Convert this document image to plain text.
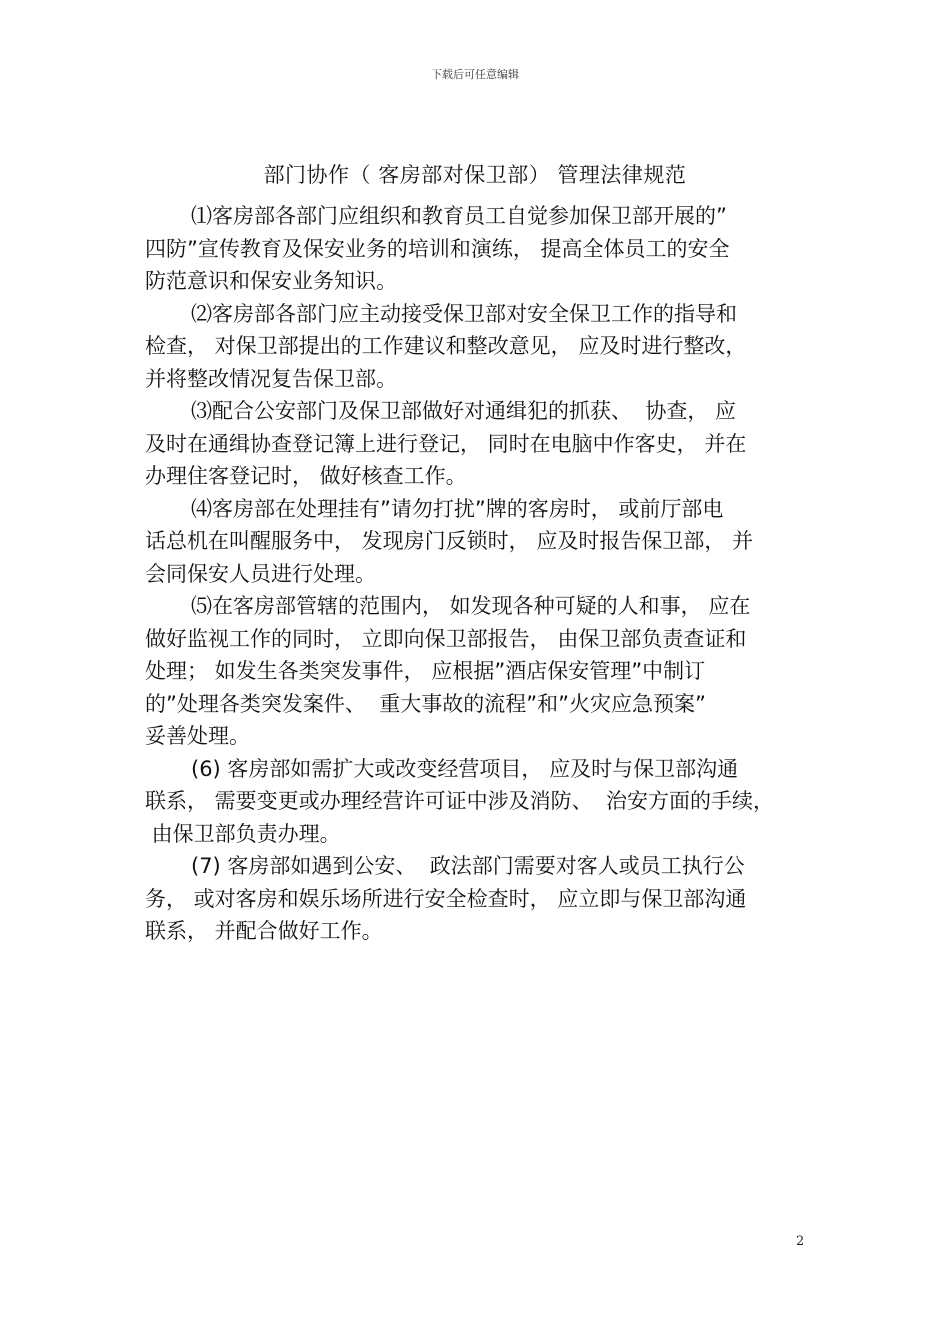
下载后可任意编辑
部门协作（ 客房部对保卫部） 管理法律规范
⑴客房部各部门应组织和教育员工自觉参加保卫部开展的”
四防”宣传教育及保安业务的培训和演练， 提高全体员工的安全
防范意识和保安业务知识。
⑵客房部各部门应主动接受保卫部对安全保卫工作的指导和
检查， 对保卫部提出的工作建议和整改意见， 应及时进行整改，
并将整改情况复告保卫部。
⑶配合公安部门及保卫部做好对通缉犯的抓获、  协查， 应
及时在通缉协查登记簿上进行登记， 同时在电脑中作客史， 并在
办理住客登记时， 做好核查工作。
⑷客房部在处理挂有”请勿打扰”牌的客房时， 或前厅部电
话总机在叫醒服务中， 发现房门反锁时， 应及时报告保卫部， 并
会同保安人员进行处理。
⑸在客房部管辖的范围内， 如发现各种可疑的人和事， 应在
做好监视工作的同时， 立即向保卫部报告， 由保卫部负责查证和
处理； 如发生各类突发事件， 应根据”酒店保安管理”中制订
的”处理各类突发案件、  重大事故的流程”和”火灾应急预案”
妥善处理。
(6) 客房部如需扩大或改变经营项目， 应及时与保卫部沟通
联系， 需要变更或办理经营许可证中涉及消防、  治安方面的手续，
由保卫部负责办理。
(7) 客房部如遇到公安、  政法部门需要对客人或员工执行公
务， 或对客房和娱乐场所进行安全检查时， 应立即与保卫部沟通
联系， 并配合做好工作。
2
